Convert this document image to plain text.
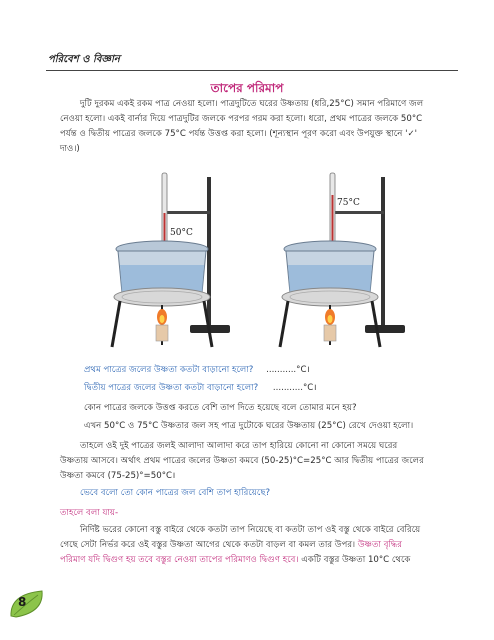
পরিবেশ ও বিজ্ঞান
তাপের পরিমাপ
দুটি দুরকম একই রকম পাত্র নেওয়া হলো। পাত্রদুটিতে ঘরের উষ্ণতায় (ধরি,25°C) সমান পরিমাণে জল
নেওয়া হলো। একই বার্নার দিয়ে পাত্রদুটির জলকে পরপর গরম করা হলো। ধরো, প্রথম পাত্রের জলকে 50°C
পর্যন্ত ও দ্বিতীয় পাত্রের জলকে 75°C পর্যন্ত উত্তপ্ত করা হলো। (শূন্যস্থান পূরণ করো এবং উপযুক্ত স্থানে '✓'
দাও।)
50°C
75°C
প্রথম পাত্রের জলের উষ্ণতা কতটা বাড়ানো হলো? ...........°C।
দ্বিতীয় পাত্রের জলের উষ্ণতা কতটা বাড়ানো হলো? ...........°C।
কোন পাত্রের জলকে উত্তপ্ত করতে বেশি তাপ দিতে হয়েছে বলে তোমার মনে হয়?
এখন 50°C ও 75°C উষ্ণতার জল সহ পাত্র দুটোকে ঘরের উষ্ণতায় (25°C) রেখে দেওয়া হলো।
তাহলে ওই দুই পাত্রের জলই আলাদা আলাদা করে তাপ হারিয়ে কোনো না কোনো সময়ে ঘরের
উষ্ণতায় আসবে। অর্থাৎ প্রথম পাত্রের জলের উষ্ণতা কমবে (50-25)°C=25°C আর দ্বিতীয় পাত্রের জলের
উষ্ণতা কমবে (75-25)°=50°C।
ভেবে বলো তো কোন পাত্রের জল বেশি তাপ হারিয়েছে?
তাহলে বলা যায়-
নির্দিষ্ট ভরের কোনো বস্তু বাইরে থেকে কতটা তাপ নিয়েছে বা কতটা তাপ ওই বস্তু থেকে বাইরে বেরিয়ে
গেছে সেটা নির্ভর করে ওই বস্তুর উষ্ণতা আগের থেকে কতটা বাড়ল বা কমল তার উপর। উষ্ণতা বৃদ্ধির
পরিমাণ যদি দ্বিগুণ হয় তবে বস্তুর নেওয়া তাপের পরিমাণও দ্বিগুণ হবে। একটি বস্তুর উষ্ণতা 10°C থেকে
8
